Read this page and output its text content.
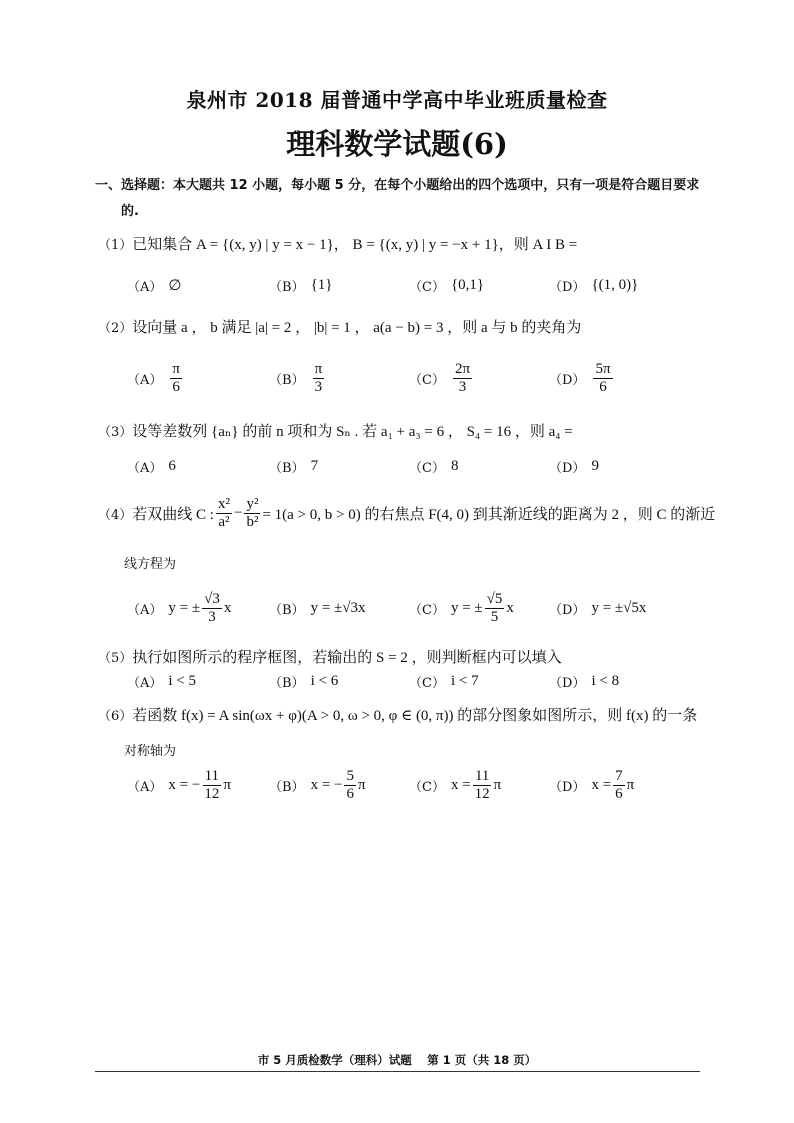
泉州市 2018 届普通中学高中毕业班质量检查
理科数学试题(6)
一、选择题：本大题共 12 小题，每小题 5 分，在每个小题给出的四个选项中，只有一项是符合题目要求
的.
（1）已知集合 A = {(x, y) | y = x − 1}， B = {(x, y) | y = −x + 1}，则 A I B =
（A） ∅	（B） {1}	（C） {0,1}	（D） {(1, 0)}
（2）设向量 a ， b 满足 |a| = 2 ， |b| = 1 ， a(a − b) = 3 ，则 a 与 b 的夹角为
$(A) \frac{\pi}{6}$	$(B) \frac{\pi}{3}$	$(C) \frac{2\pi}{3}$	$(D) \frac{5\pi}{6}$
（3）设等差数列 {aₙ} 的前 n 项和为 Sₙ . 若 a₁ + a₃ = 6 ， S₄ = 16 ，则 a₄ =
（A） 6	（B） 7	（C） 8	（D） 9
（4） 若双曲线 C : $\frac{\text{x²}}{\text{a²}} - \frac{\text{y²}}{\text{b²}} = 1(a > 0$, b > 0) 的右焦点 F(4, 0) 到其渐近线的距离为 2 ，则 C 的渐近
线方程为
（A） y = ± $\frac{√3}{3}$ x	（B） y = ±√3x	（C） y = ± $\frac{√5}{5}$ x	（D） y = ±√5x
（5）执行如图所示的程序框图，若输出的 S = 2 ，则判断框内可以填入
（A） i < 5	（B） i < 6	（C） i < 7	（D） i < 8
（6）若函数 f(x) = A sin(ωx + φ)(A > 0, ω > 0, φ ∈ (0, π)) 的部分图象如图所示，则 f(x) 的一条
对称轴为
（A） x = − $\frac{11}{12}$ π	（B） x = − $\frac{5}{6}$ π	（C） $x = \frac{11}{12}$ π	（D） $x = \frac{7}{6}$ π
市 5 月质检数学（理科）试题　 第 1 页（共 18 页）
